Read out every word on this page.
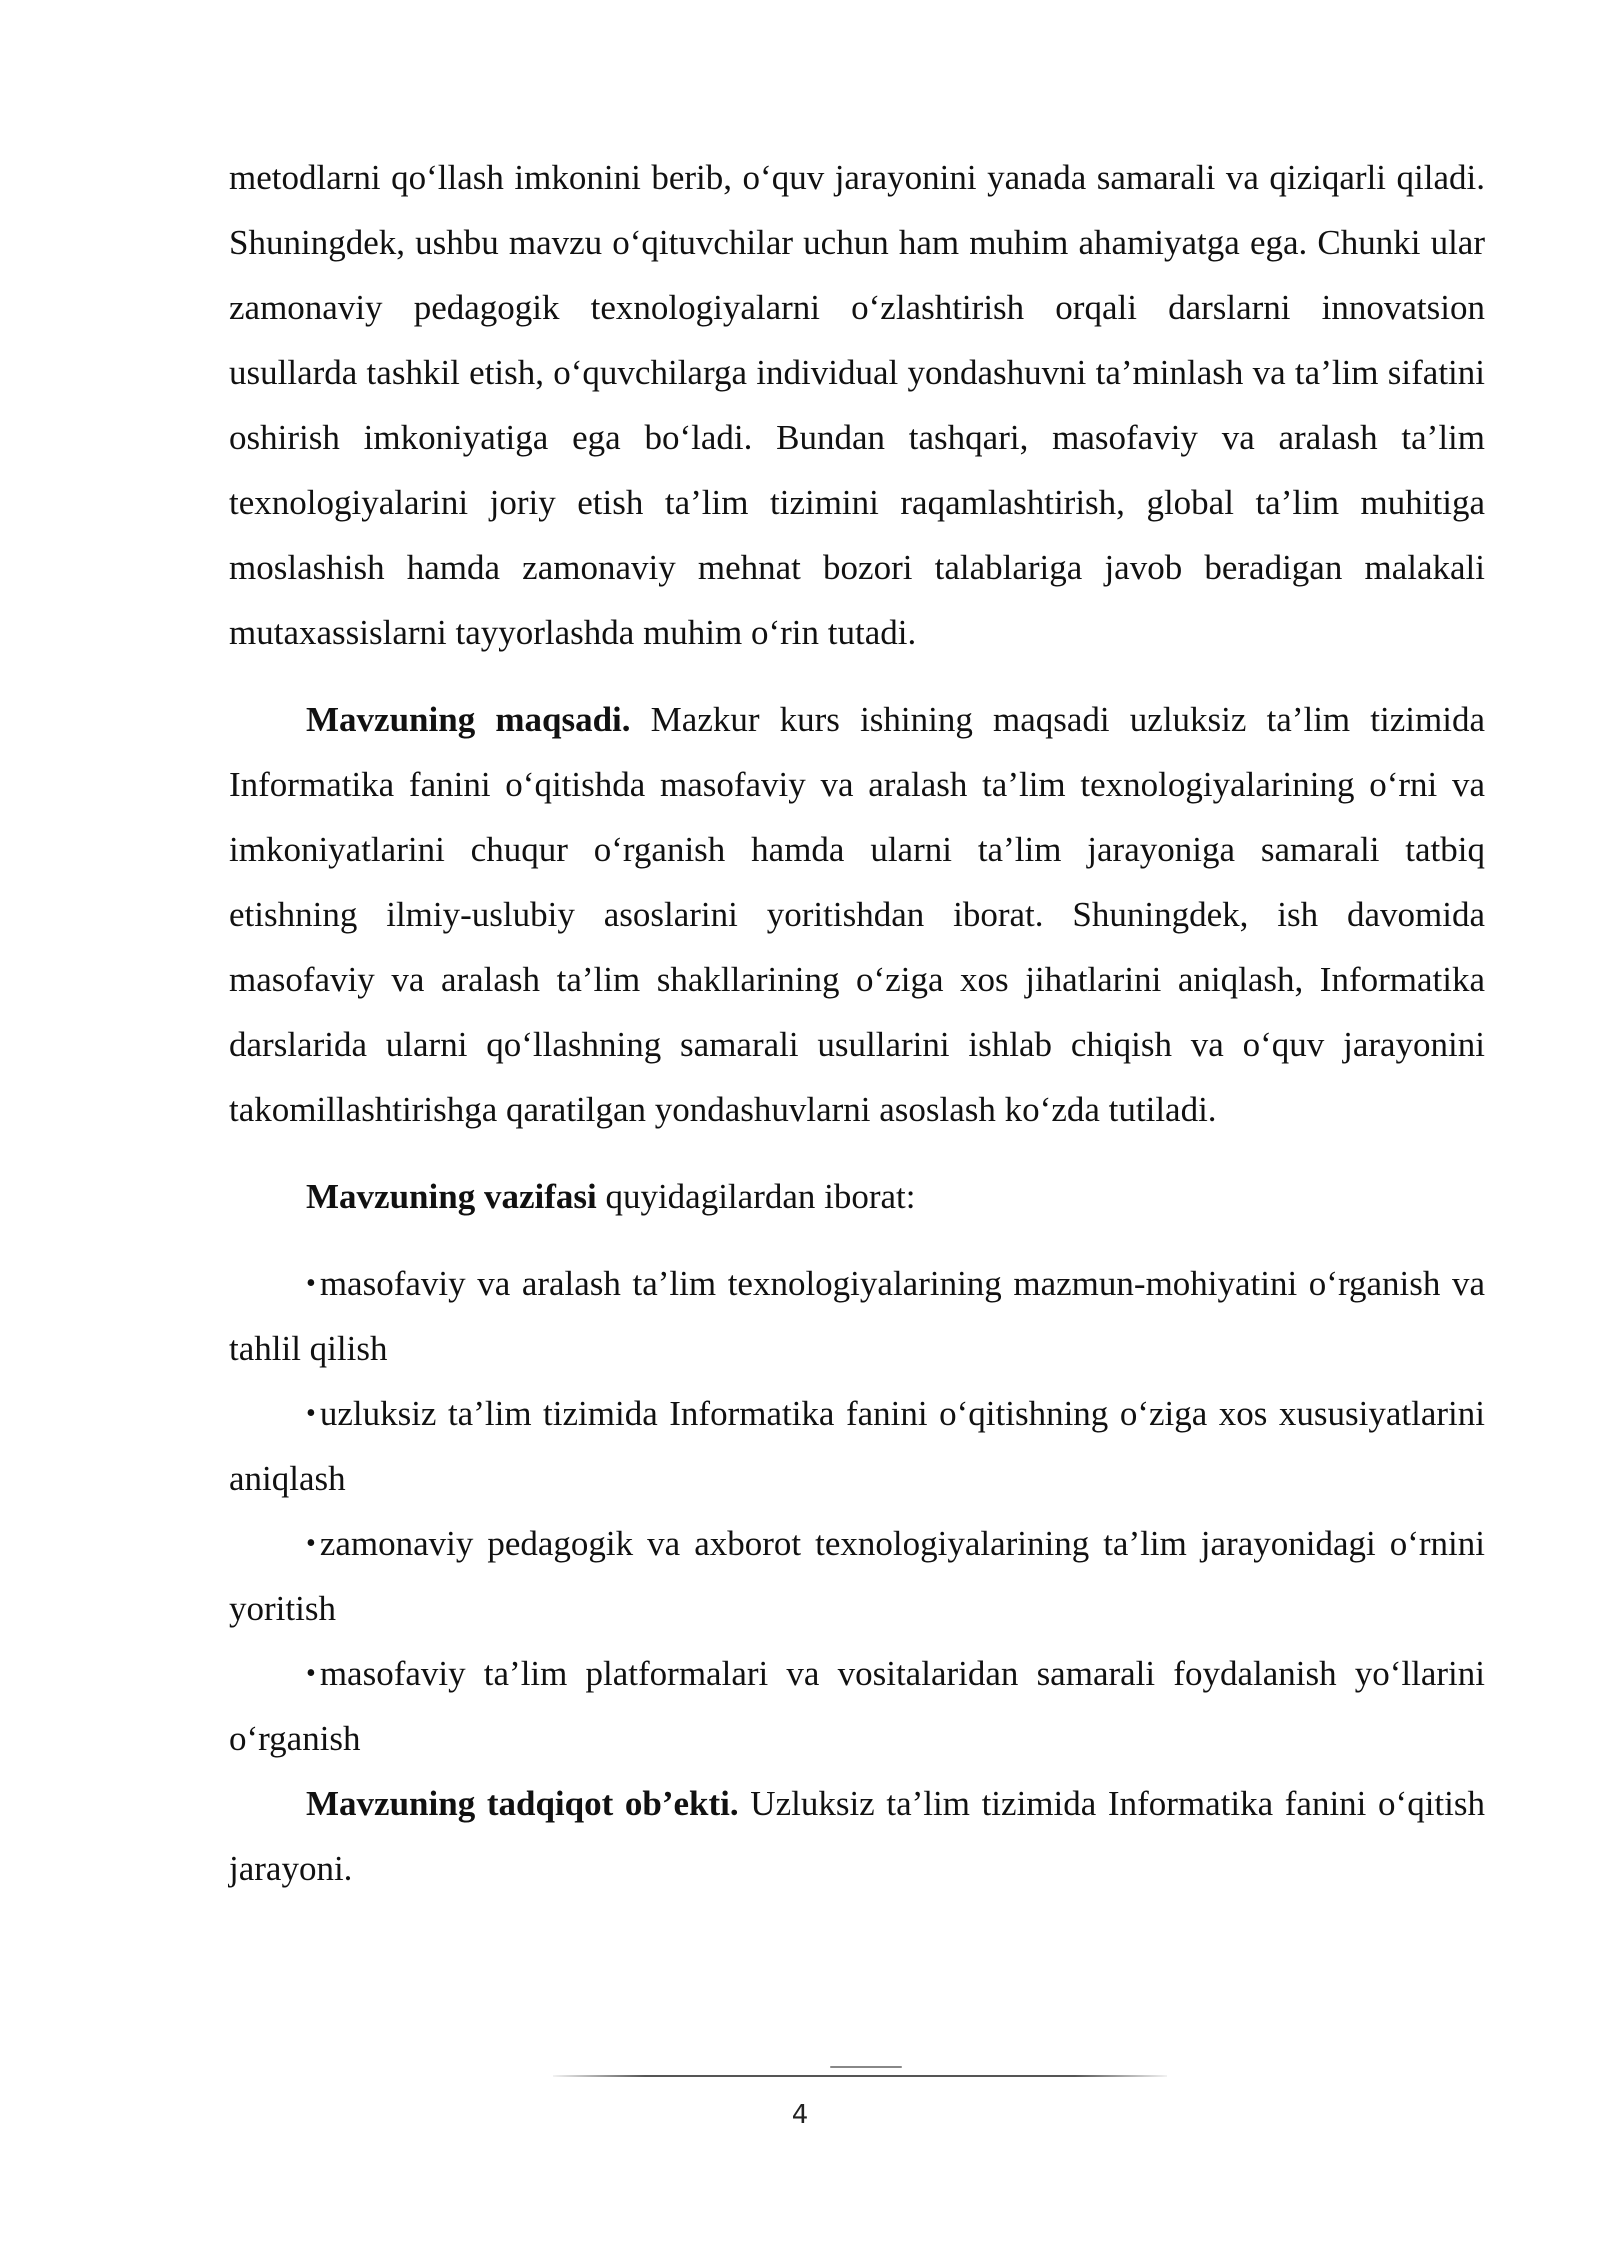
metodlarni qo‘llash imkonini berib, o‘quv jarayonini yanada samarali va qiziqarli qiladi. Shuningdek, ushbu mavzu o‘qituvchilar uchun ham muhim ahamiyatga ega. Chunki ular zamonaviy pedagogik texnologiyalarni o‘zlashtirish orqali darslarni innovatsion usullarda tashkil etish, o‘quvchilarga individual yondashuvni ta’minlash va ta’lim sifatini oshirish imkoniyatiga ega bo‘ladi. Bundan tashqari, masofaviy va aralash ta’lim texnologiyalarini joriy etish ta’lim tizimini raqamlashtirish, global ta’lim muhitiga moslashish hamda zamonaviy mehnat bozori talablariga javob beradigan malakali mutaxassislarni tayyorlashda muhim o‘rin tutadi.

Mavzuning maqsadi. Mazkur kurs ishining maqsadi uzluksiz ta’lim tizimida Informatika fanini o‘qitishda masofaviy va aralash ta’lim texnologiyalarining o‘rni va imkoniyatlarini chuqur o‘rganish hamda ularni ta’lim jarayoniga samarali tatbiq etishning ilmiy-uslubiy asoslarini yoritishdan iborat. Shuningdek, ish davomida masofaviy va aralash ta’lim shakllarining o‘ziga xos jihatlarini aniqlash, Informatika darslarida ularni qo‘llashning samarali usullarini ishlab chiqish va o‘quv jarayonini takomillashtirishga qaratilgan yondashuvlarni asoslash ko‘zda tutiladi.

Mavzuning vazifasi quyidagilardan iborat:

• masofaviy va aralash ta’lim texnologiyalarining mazmun-mohiyatini o‘rganish va tahlil qilish

• uzluksiz ta’lim tizimida Informatika fanini o‘qitishning o‘ziga xos xususiyatlarini aniqlash

• zamonaviy pedagogik va axborot texnologiyalarining ta’lim jarayonidagi o‘rnini yoritish

• masofaviy ta’lim platformalari va vositalaridan samarali foydalanish yo‘llarini o‘rganish

Mavzuning tadqiqot ob’ekti. Uzluksiz ta’lim tizimida Informatika fanini o‘qitish jarayoni.

4
